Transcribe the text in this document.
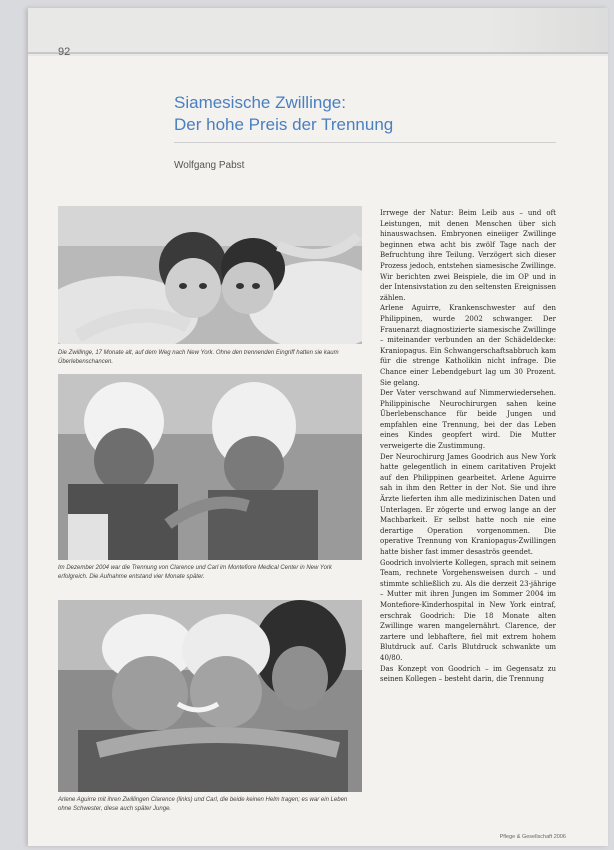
92
Siamesische Zwillinge:
Der hohe Preis der Trennung
Wolfgang Pabst
Die Zwillinge, 17 Monate alt, auf dem Weg nach New York. Ohne den trennenden Eingriff hatten sie kaum Überlebenschancen.
Im Dezember 2004 war die Trennung von Clarence und Carl im Montefiore Medical Center in New York erfolgreich. Die Aufnahme entstand vier Monate später.
Arlene Aguirre mit ihren Zwillingen Clarence (links) und Carl, die beide keinen Helm tragen; es war ein Leben ohne Schwester, diese auch später Junge.

Irrwege der Natur: Beim Leib aus – und oft Leistungen, mit denen Menschen über sich hinauswachsen. Embryonen eineiiger Zwillinge beginnen etwa acht bis zwölf Tage nach der Befruchtung ihre Teilung. Verzögert sich dieser Prozess jedoch, entstehen siamesische Zwillinge. Wir berichten zwei Beispiele, die im OP und in der Intensivstation zu den seltensten Ereignissen zählen.

Arlene Aguirre, Krankenschwester auf den Philippinen, wurde 2002 schwanger. Der Frauenarzt diagnostizierte siamesische Zwillinge – miteinander verbunden an der Schädeldecke: Kraniopagus. Ein Schwangerschaftsabbruch kam für die strenge Katholikin nicht infrage. Die Chance einer Lebendgeburt lag um 30 Prozent. Sie gelang.

Der Vater verschwand auf Nimmerwiedersehen. Philippinische Neurochirurgen sahen keine Überlebenschance für beide Jungen und empfahlen eine Trennung, bei der das Leben eines Kindes geopfert wird. Die Mutter verweigerte die Zustimmung.

Der Neurochirurg James Goodrich aus New York hatte gelegentlich in einem caritativen Projekt auf den Philippinen gearbeitet. Arlene Aguirre sah in ihm den Retter in der Not. Sie und ihre Ärzte lieferten ihm alle medizinischen Daten und Unterlagen. Er zögerte und erwog lange an der Machbarkeit. Er selbst hatte noch nie eine derartige Operation vorgenommen. Die operative Trennung von Kraniopagus-Zwillingen hatte bisher fast immer desaströs geendet.

Goodrich involvierte Kollegen, sprach mit seinem Team, rechnete Vorgehensweisen durch – und stimmte schließlich zu. Als die derzeit 23-jährige – Mutter mit ihren Jungen im Sommer 2004 im Montefiore-Kinderhospital in New York eintraf, erschrak Goodrich: Die 18 Monate alten Zwillinge waren mangelernährt. Clarence, der zartere und lebhaftere, fiel mit extrem hohem Blutdruck auf. Carls Blutdruck schwankte um 40/80.

Das Konzept von Goodrich – im Gegensatz zu seinen Kollegen – besteht darin, die Trennung

Pflege & Gesellschaft 2006
